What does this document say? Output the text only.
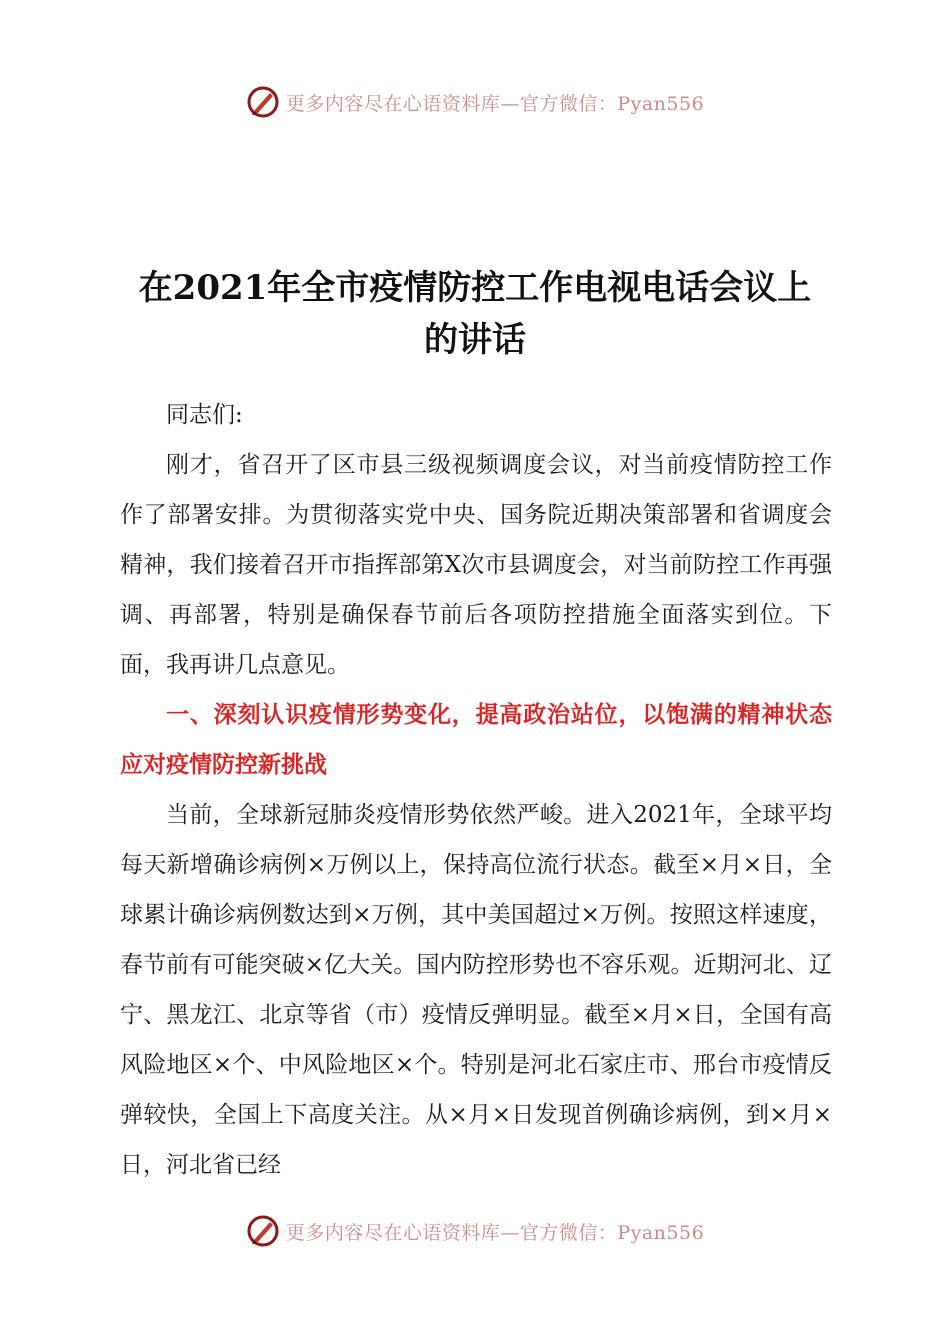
更多内容尽在心语资料库—官方微信：Pyan556
在2021年全市疫情防控工作电视电话会议上
的讲话

同志们:

刚才，省召开了区市县三级视频调度会议，对当前疫情防控工作作了部署安排。为贯彻落实党中央、国务院近期决策部署和省调度会精神，我们接着召开市指挥部第X次市县调度会，对当前防控工作再强调、再部署，特别是确保春节前后各项防控措施全面落实到位。下面，我再讲几点意见。

一、深刻认识疫情形势变化，提高政治站位，以饱满的精神状态应对疫情防控新挑战

当前，全球新冠肺炎疫情形势依然严峻。进入2021年，全球平均每天新增确诊病例×万例以上，保持高位流行状态。截至×月×日，全球累计确诊病例数达到×万例，其中美国超过×万例。按照这样速度，春节前有可能突破×亿大关。国内防控形势也不容乐观。近期河北、辽宁、黑龙江、北京等省（市）疫情反弹明显。截至×月×日，全国有高风险地区×个、中风险地区×个。特别是河北石家庄市、邢台市疫情反弹较快，全国上下高度关注。从×月×日发现首例确诊病例，到×月×日，河北省已经

更多内容尽在心语资料库—官方微信：Pyan556
